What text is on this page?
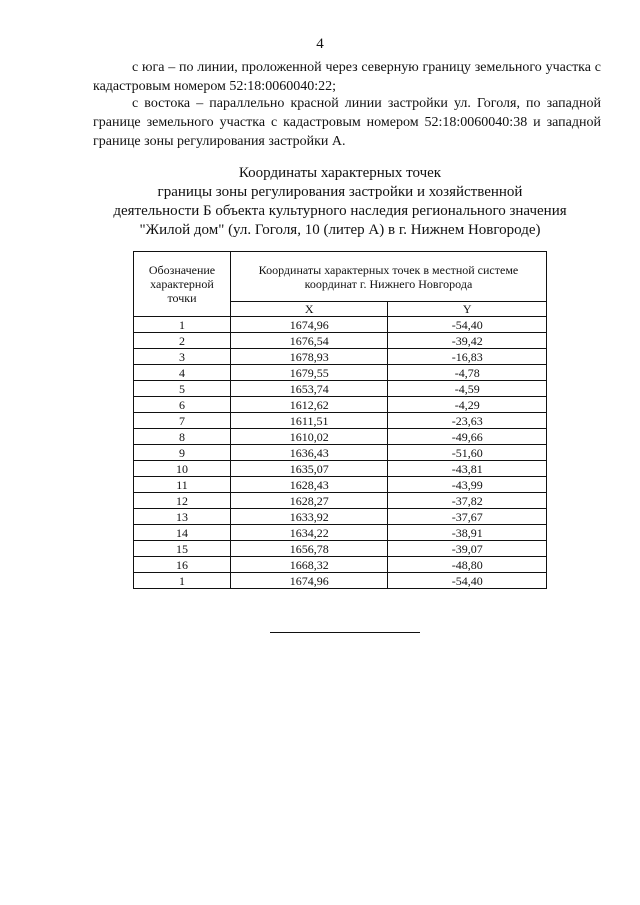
4

с юга – по линии, проложенной через северную границу земельного участка с кадастровым номером 52:18:0060040:22;

с востока – параллельно красной линии застройки ул. Гоголя, по западной границе земельного участка с кадастровым номером 52:18:0060040:38 и западной границе зоны регулирования застройки А.

Координаты характерных точек
границы зоны регулирования застройки и хозяйственной
деятельности Б объекта культурного наследия регионального значения
"Жилой дом" (ул. Гоголя, 10 (литер А) в г. Нижнем Новгороде)
Обозначение характерной точки	Координаты характерных точек в местной системе координат г. Нижнего Новгорода	
	X	Y
1	1674,96	-54,40
2	1676,54	-39,42
3	1678,93	-16,83
4	1679,55	-4,78
5	1653,74	-4,59
6	1612,62	-4,29
7	1611,51	-23,63
8	1610,02	-49,66
9	1636,43	-51,60
10	1635,07	-43,81
11	1628,43	-43,99
12	1628,27	-37,82
13	1633,92	-37,67
14	1634,22	-38,91
15	1656,78	-39,07
16	1668,32	-48,80
1	1674,96	-54,40
